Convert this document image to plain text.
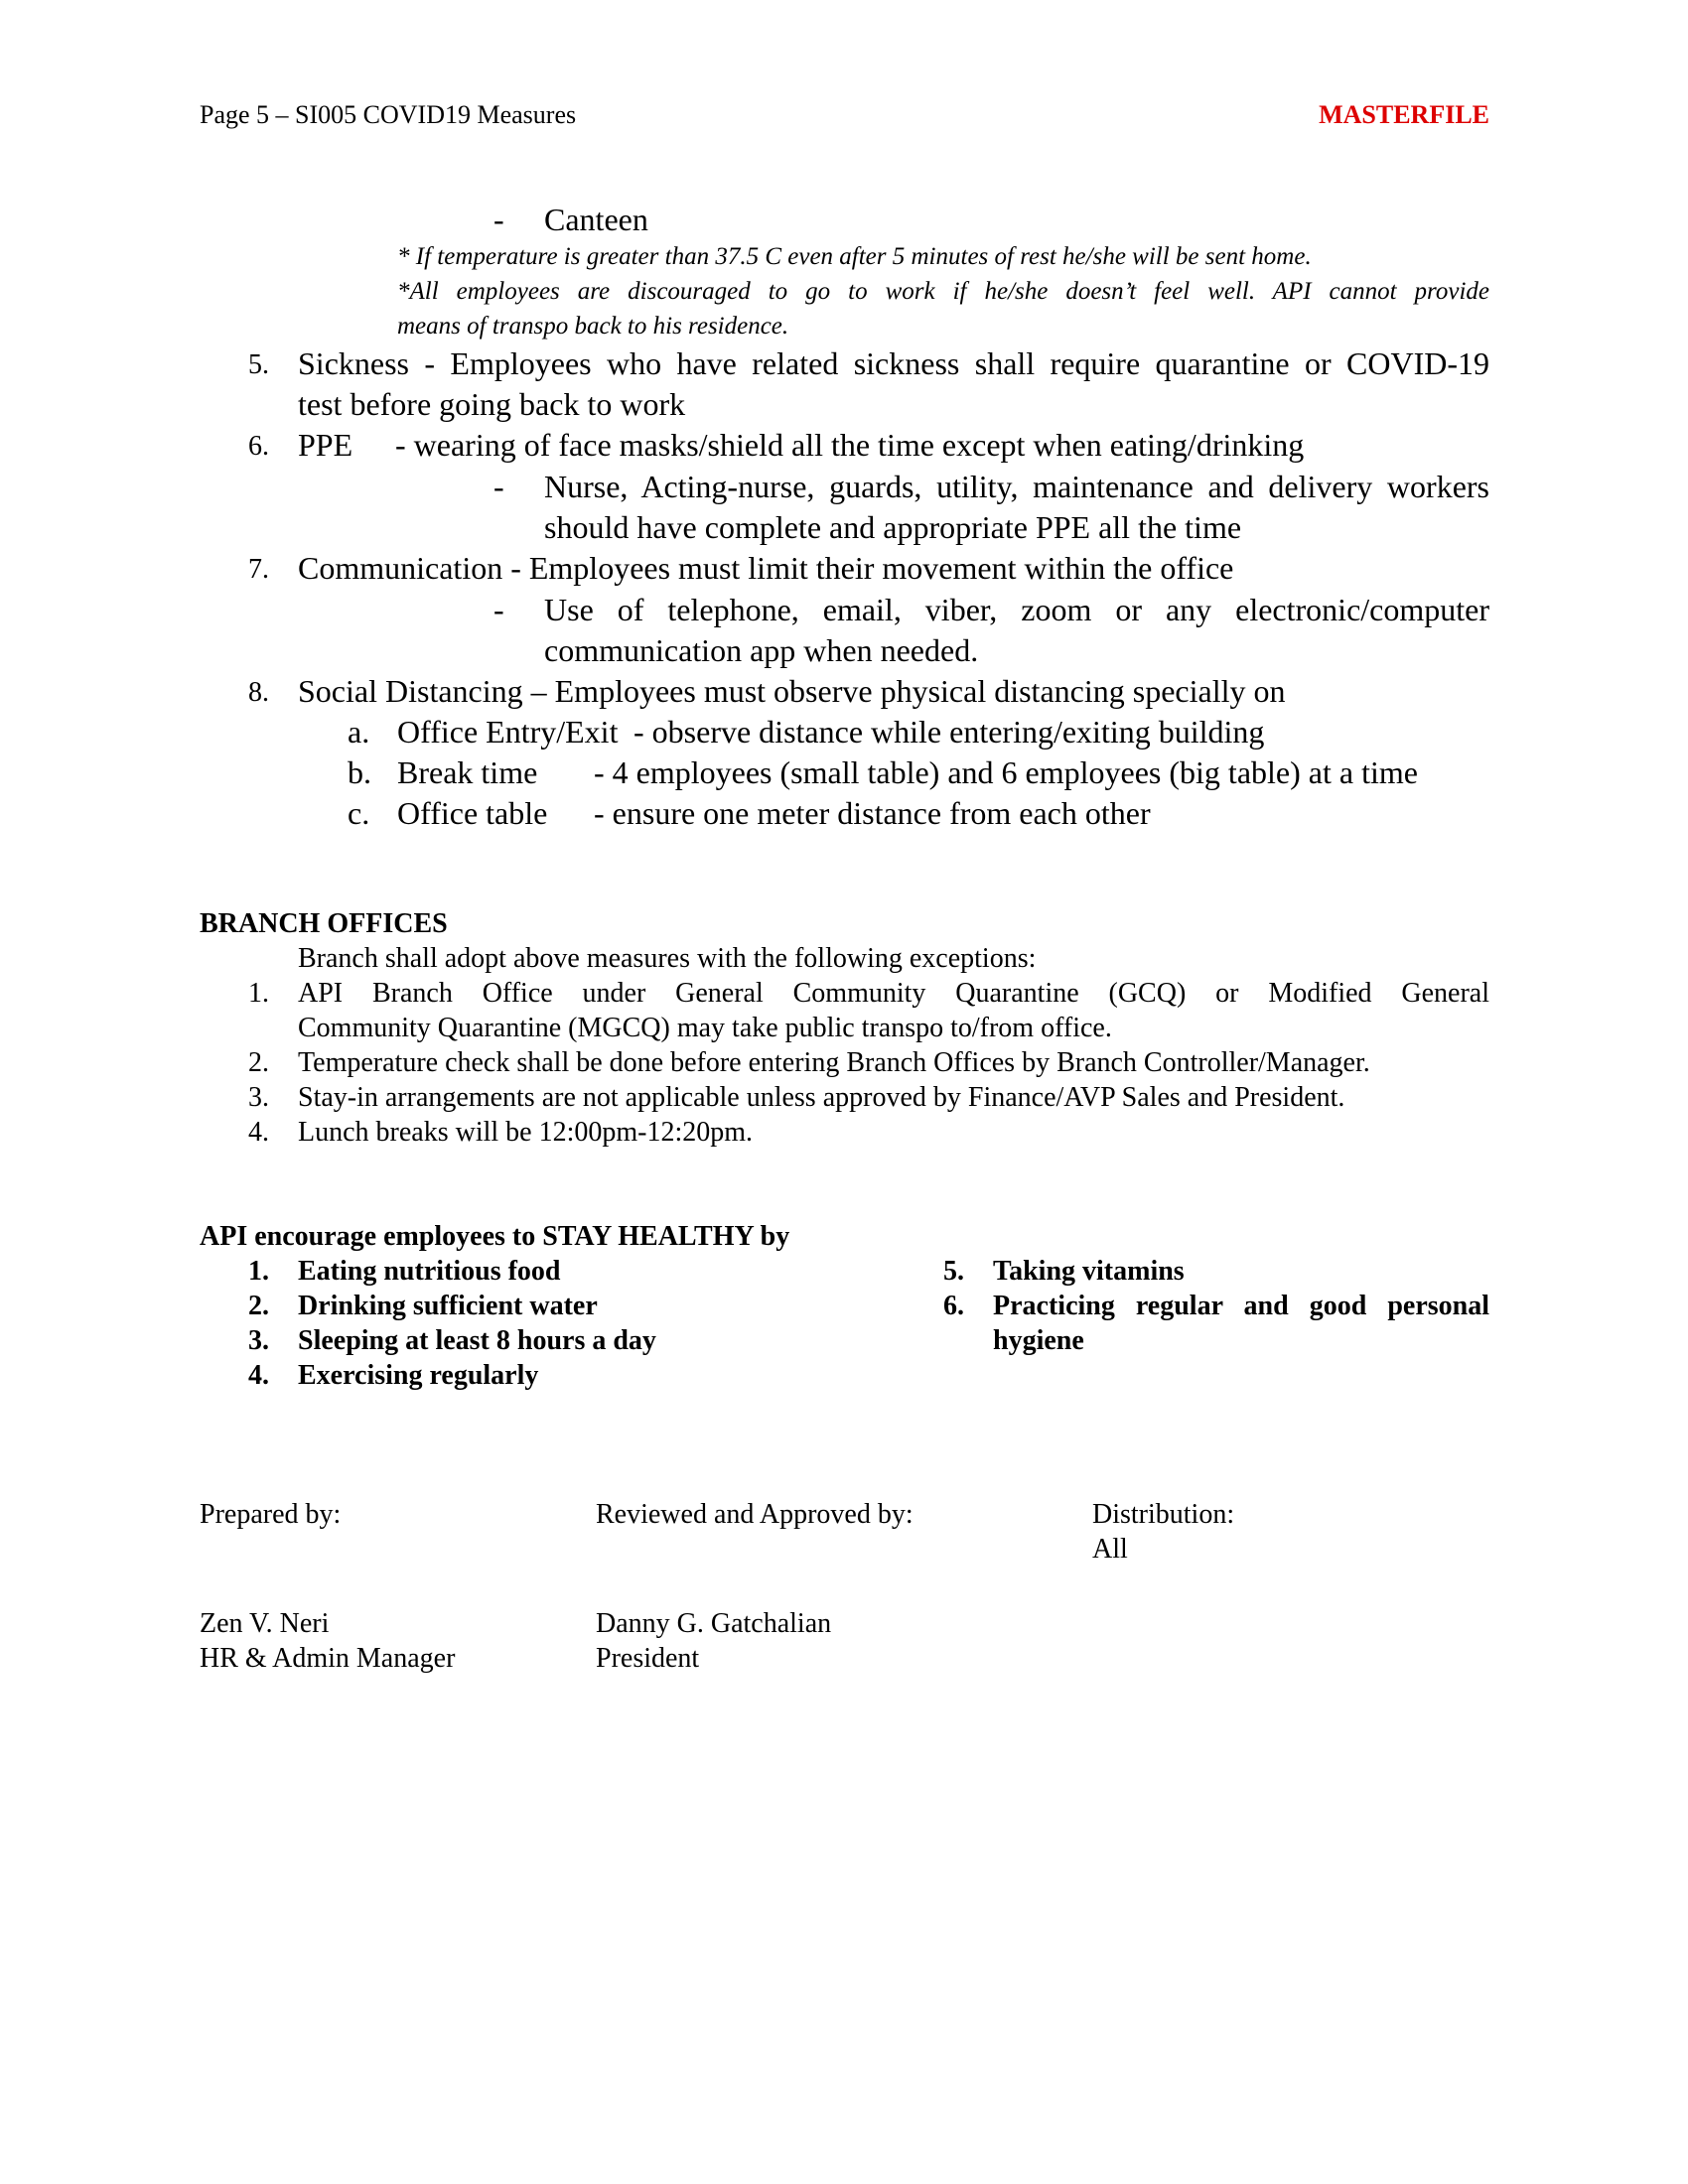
Page 5 – SI005 COVID19 Measures	MASTERFILE
- Canteen
* If temperature is greater than 37.5 C even after 5 minutes of rest he/she will be sent home.
*All employees are discouraged to go to work if he/she doesn’t feel well. API cannot provide
means of transpo back to his residence.
5. Sickness - Employees who have related sickness shall require quarantine or COVID-19
test before going back to work
6. PPE - wearing of face masks/shield all the time except when eating/drinking
- Nurse, Acting-nurse, guards, utility, maintenance and delivery workers
should have complete and appropriate PPE all the time
7. Communication - Employees must limit their movement within the office
- Use of telephone, email, viber, zoom or any electronic/computer
communication app when needed.
8. Social Distancing – Employees must observe physical distancing specially on
a. Office Entry/Exit - observe distance while entering/exiting building
b. Break time - 4 employees (small table) and 6 employees (big table) at a time
c. Office table - ensure one meter distance from each other
BRANCH OFFICES
Branch shall adopt above measures with the following exceptions:
1. API Branch Office under General Community Quarantine (GCQ) or Modified General
Community Quarantine (MGCQ) may take public transpo to/from office.
2. Temperature check shall be done before entering Branch Offices by Branch Controller/Manager.
3. Stay-in arrangements are not applicable unless approved by Finance/AVP Sales and President.
4. Lunch breaks will be 12:00pm-12:20pm.
API encourage employees to STAY HEALTHY by
1. Eating nutritious food
2. Drinking sufficient water
3. Sleeping at least 8 hours a day
4. Exercising regularly
5. Taking vitamins
6. Practicing regular and good personal
hygiene
Prepared by:	Reviewed and Approved by:	Distribution:
All
Zen V. Neri
HR & Admin Manager
Danny G. Gatchalian
President
